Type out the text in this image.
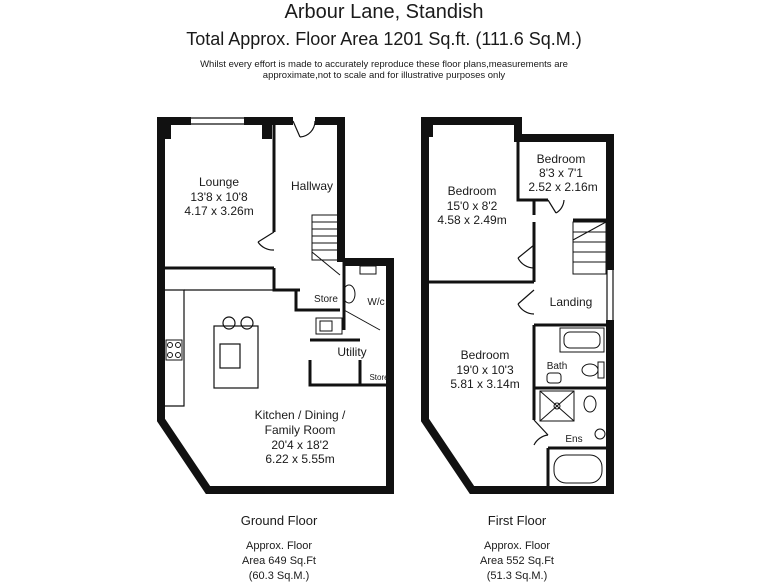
Arbour Lane, Standish
Total Approx. Floor Area 1201 Sq.ft. (111.6 Sq.M.)
Whilst every effort is made to accurately reproduce these floor plans,measurements are
approximate,not to scale and for illustrative purposes only
Lounge
13'8 x 10'8
4.17 x 3.26m
Hallway
Store	W/c
Utility
Store
Kitchen / Dining /
Family Room
20'4 x 18'2
6.22 x 5.55m
Bedroom
15'0 x 8'2
4.58 x 2.49m
Bedroom
8'3 x 7'1
2.52 x 2.16m
Landing
Bedroom
19'0 x 10'3
5.81 x 3.14m
Bath
Ens
Ground Floor
Approx. Floor
Area 649 Sq.Ft
(60.3 Sq.M.)
First Floor
Approx. Floor
Area 552 Sq.Ft
(51.3 Sq.M.)
